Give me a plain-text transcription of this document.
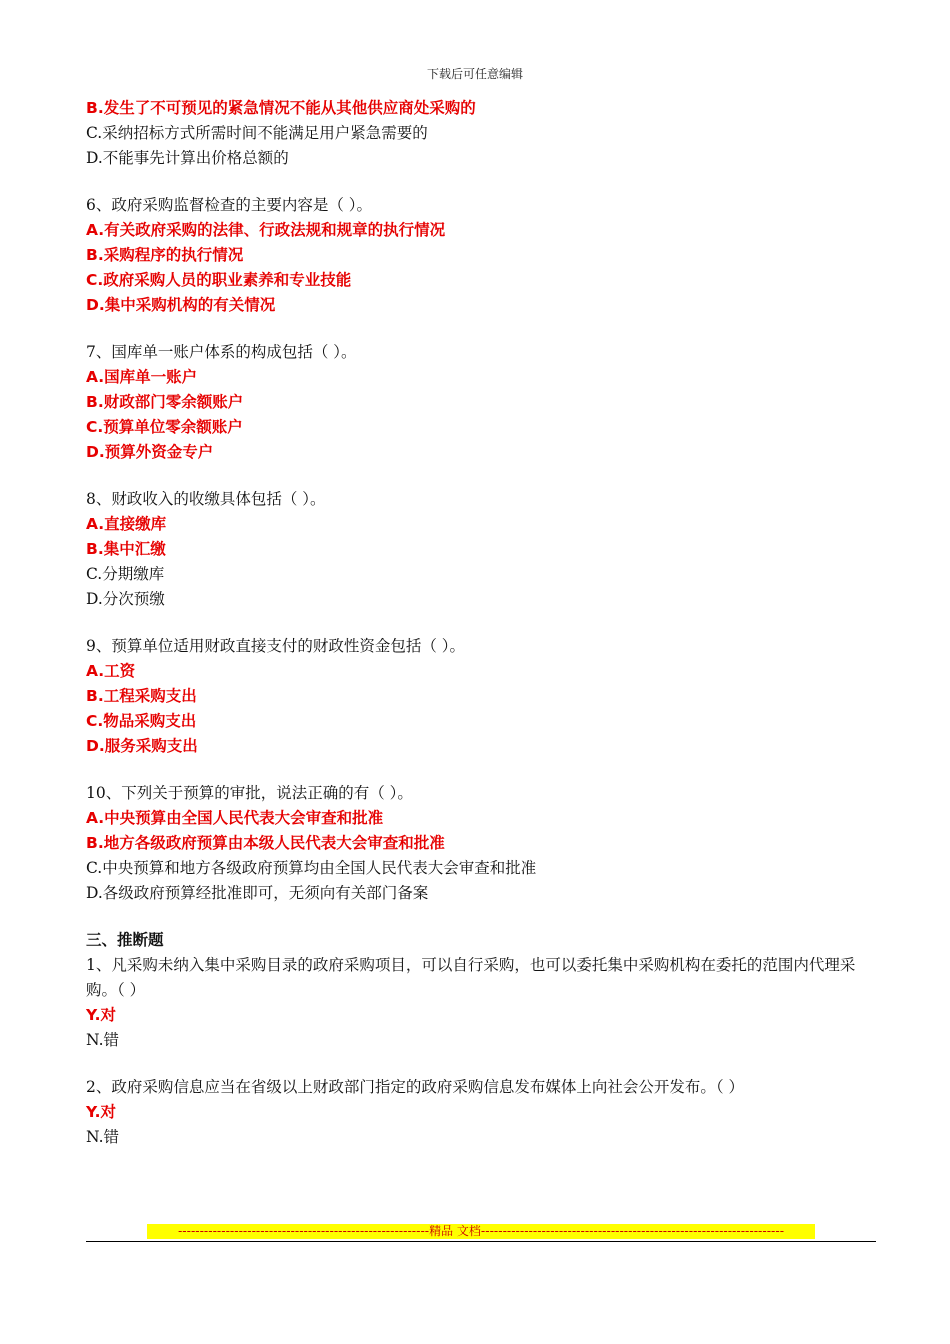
下载后可任意编辑
B.发生了不可预见的紧急情况不能从其他供应商处采购的
C.采纳招标方式所需时间不能满足用户紧急需要的
D.不能事先计算出价格总额的
6、政府采购监督检查的主要内容是（ ）。
A.有关政府采购的法律、行政法规和规章的执行情况
B.采购程序的执行情况
C.政府采购人员的职业素养和专业技能
D.集中采购机构的有关情况
7、国库单一账户体系的构成包括（ ）。
A.国库单一账户
B.财政部门零余额账户
C.预算单位零余额账户
D.预算外资金专户
8、财政收入的收缴具体包括（ ）。
A.直接缴库
B.集中汇缴
C.分期缴库
D.分次预缴
9、预算单位适用财政直接支付的财政性资金包括（ ）。
A.工资
B.工程采购支出
C.物品采购支出
D.服务采购支出
10、下列关于预算的审批，说法正确的有（ ）。
A.中央预算由全国人民代表大会审查和批准
B.地方各级政府预算由本级人民代表大会审查和批准
C.中央预算和地方各级政府预算均由全国人民代表大会审查和批准
D.各级政府预算经批准即可，无须向有关部门备案
三、推断题
1、凡采购未纳入集中采购目录的政府采购项目，可以自行采购，也可以委托集中采购机构在委托的范围内代理采购。（ ）
Y.对
N.错
2、政府采购信息应当在省级以上财政部门指定的政府采购信息发布媒体上向社会公开发布。（ ）
Y.对
N.错
----------------------------------------------------------精品 文档----------------------------------------------------------------------
